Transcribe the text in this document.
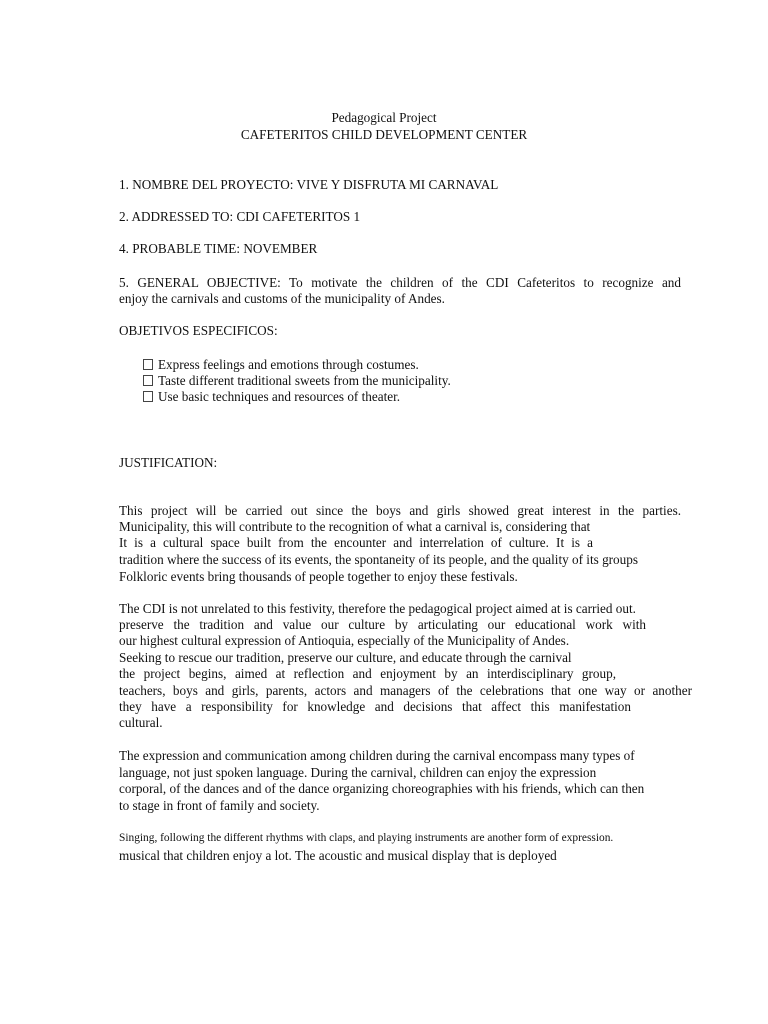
Pedagogical Project
CAFETERITOS CHILD DEVELOPMENT CENTER
1. NOMBRE DEL PROYECTO: VIVE Y DISFRUTA MI CARNAVAL
2. ADDRESSED TO: CDI CAFETERITOS 1
4. PROBABLE TIME: NOVEMBER
5. GENERAL OBJECTIVE: To motivate the children of the CDI Cafeteritos to recognize and
enjoy the carnivals and customs of the municipality of Andes.
OBJETIVOS ESPECIFICOS:
Express feelings and emotions through costumes.
Taste different traditional sweets from the municipality.
Use basic techniques and resources of theater.
JUSTIFICATION:
This project will be carried out since the boys and girls showed great interest in the parties.
Municipality, this will contribute to the recognition of what a carnival is, considering that
It is a cultural space built from the encounter and interrelation of culture. It is a
tradition where the success of its events, the spontaneity of its people, and the quality of its groups
Folkloric events bring thousands of people together to enjoy these festivals.
The CDI is not unrelated to this festivity, therefore the pedagogical project aimed at is carried out.
preserve the tradition and value our culture by articulating our educational work with
our highest cultural expression of Antioquia, especially of the Municipality of Andes.
Seeking to rescue our tradition, preserve our culture, and educate through the carnival
the project begins, aimed at reflection and enjoyment by an interdisciplinary group,
teachers, boys and girls, parents, actors and managers of the celebrations that one way or another
they have a responsibility for knowledge and decisions that affect this manifestation
cultural.
The expression and communication among children during the carnival encompass many types of
language, not just spoken language. During the carnival, children can enjoy the expression
corporal, of the dances and of the dance organizing choreographies with his friends, which can then
to stage in front of family and society.
Singing, following the different rhythms with claps, and playing instruments are another form of expression.
musical that children enjoy a lot. The acoustic and musical display that is deployed
